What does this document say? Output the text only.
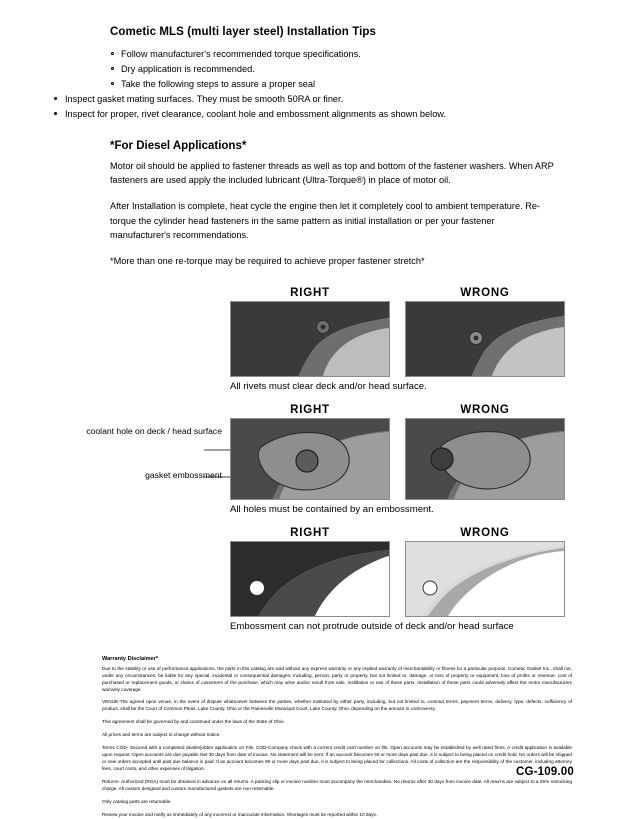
Cometic MLS (multi layer steel) Installation Tips
Follow manufacturer's recommended torque specifications.
Dry application is recommended.
Take the following steps to assure a proper seal
Inspect gasket mating surfaces. They must be smooth 50RA or finer.
Inspect for proper, rivet clearance, coolant hole and embossment alignments as shown below.
*For Diesel Applications*

Motor oil should be applied to fastener threads as well as top and bottom of the fastener washers. When ARP fasteners are used apply the included lubricant (Ultra-Torque®) in place of motor oil.

After Installation is complete, heat cycle the engine then let it completely cool to ambient temperature. Re-torque the cylinder head fasteners in the same pattern as initial installation or per your fastener manufacturer's recommendations.

*More than one re-torque may be required to achieve proper fastener stretch*

RIGHT	WRONG
All rivets must clear deck and/or head surface.
coolant hole on deck / head surface
gasket embossment
RIGHT	WRONG
All holes must be contained by an embossment.
RIGHT	WRONG
Embossment can not protrude outside of deck and/or head surface
Warranty Disclaimer*

Due to the stability or use of performance applications, the parts in this catalog are sold without any express warranty or any implied warranty of merchantability or fitness for a particular purpose. Cometic Gasket Inc., shall not, under any circumstances, be liable for any special, incidental or consequential damages, including, person, party or property, but not limited to, damage, or loss of property or equipment, loss of profits or revenue, cost of purchased or replacement goods, or claims of customers of the purchase, which may arise and/or result from sale, instillation or use of these parts. Installation of these parts could adversely affect the motor manufacturers warranty coverage.

VENUE-The agreed upon venue, in the event of dispute whatsoever between the parties, whether instituted by either party, including, but not limited to, contract terms, payment terms, delivery, type, defects, sufficiency of product, shall be the Court of Common Pleas, Lake County, Ohio or the Painesville Municipal Court, Lake County, Ohio, depending on the amount in controversy.

This agreement shall be governed by and construed under the laws of the State of Ohio.

All prices and terms are subject to change without notice.

Terms COD- Secured with a completed dealer/jobber application on File, COD-Company check with a current credit card number on file. Open accounts may be established by well rated firms. A credit application is available upon request. Open accounts are due payable Net 30 days from date of invoice. No statement will be sent. If an account becomes 60 or more days past due, it is subject to being placed on credit hold. No orders will be shipped or new orders accepted until past due balance is paid. If an account becomes 90 or more days past due, it is subject to being placed for collections. All costs of collection are the responsibility of the customer, including attorney fees, court costs, and other expenses of litigation.

Returns- Authorized (RGA) must be obtained in advance on all returns. A packing slip or invoice number must accompany the merchandise. No returns after 30 days from invoice date. All returns are subject to a 25% restocking charge. All custom designed and custom manufactured gaskets are non-returnable.

Only catalog parts are returnable.

Review your invoice and notify us immediately of any incorrect or inaccurate information. Shortages must be reported within 10 days.

CG-109.00
